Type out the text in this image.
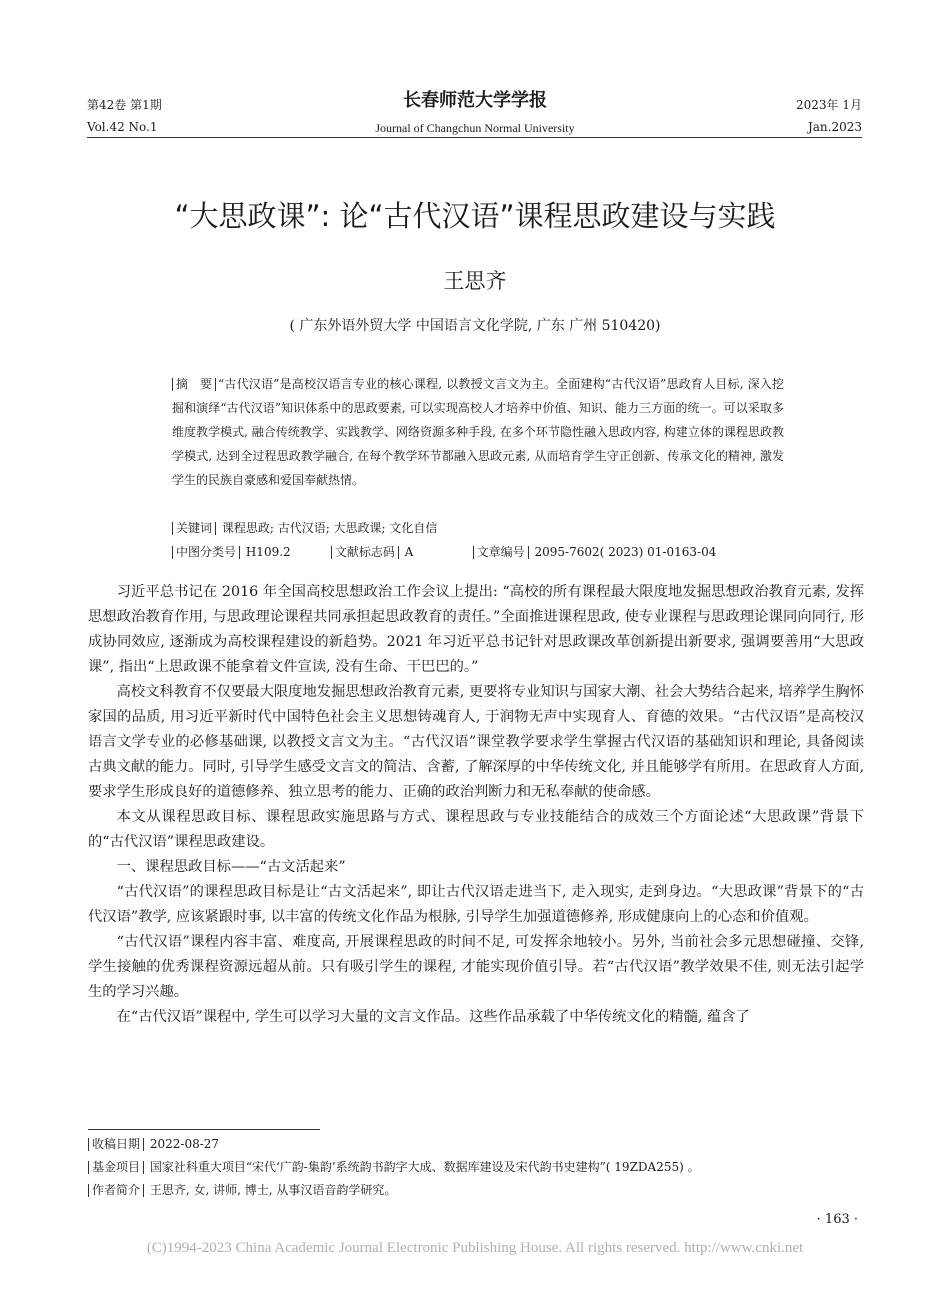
第42卷 第1期
Vol.42 No.1
长春师范大学学报
Journal of Changchun Normal University
2023年 1月
Jan.2023
“大思政课”: 论“古代汉语”课程思政建设与实践
王思齐
( 广东外语外贸大学 中国语言文化学院, 广东 广州 510420)
摘　要 “古代汉语”是高校汉语言专业的核心课程, 以教授文言文为主。全面建构“古代汉语”思政育人目标, 深入挖掘和演绎“古代汉语”知识体系中的思政要素, 可以实现高校人才培养中价值、知识、能力三方面的统一。可以采取多维度教学模式, 融合传统教学、实践教学、网络资源多种手段, 在多个环节隐性融入思政内容, 构建立体的课程思政教学模式, 达到全过程思政教学融合, 在每个教学环节都融入思政元素, 从而培育学生守正创新、传承文化的精神, 激发学生的民族自豪感和爱国奉献热情。
关键词 课程思政; 古代汉语; 大思政课; 文化自信
中图分类号 H109.2	文献标志码 A	文章编号 2095-7602( 2023) 01-0163-04

习近平总书记在 2016 年全国高校思想政治工作会议上提出: “高校的所有课程最大限度地发掘思想政治教育元素, 发挥思想政治教育作用, 与思政理论课程共同承担起思政教育的责任。”全面推进课程思政, 使专业课程与思政理论课同向同行, 形成协同效应, 逐渐成为高校课程建设的新趋势。2021 年习近平总书记针对思政课改革创新提出新要求, 强调要善用“大思政课”, 指出“上思政课不能拿着文件宣读, 没有生命、干巴巴的。”

高校文科教育不仅要最大限度地发掘思想政治教育元素, 更要将专业知识与国家大潮、社会大势结合起来, 培养学生胸怀家国的品质, 用习近平新时代中国特色社会主义思想铸魂育人, 于润物无声中实现育人、育德的效果。“古代汉语”是高校汉语言文学专业的必修基础课, 以教授文言文为主。“古代汉语”课堂教学要求学生掌握古代汉语的基础知识和理论, 具备阅读古典文献的能力。同时, 引导学生感受文言文的简洁、含蓄, 了解深厚的中华传统文化, 并且能够学有所用。在思政育人方面, 要求学生形成良好的道德修养、独立思考的能力、正确的政治判断力和无私奉献的使命感。

本文从课程思政目标、课程思政实施思路与方式、课程思政与专业技能结合的成效三个方面论述“大思政课”背景下的“古代汉语”课程思政建设。

一、课程思政目标——“古文活起来”

“古代汉语”的课程思政目标是让“古文活起来”, 即让古代汉语走进当下, 走入现实, 走到身边。“大思政课”背景下的“古代汉语”教学, 应该紧跟时事, 以丰富的传统文化作品为根脉, 引导学生加强道德修养, 形成健康向上的心态和价值观。

“古代汉语”课程内容丰富、难度高, 开展课程思政的时间不足, 可发挥余地较小。另外, 当前社会多元思想碰撞、交锋, 学生接触的优秀课程资源远超从前。只有吸引学生的课程, 才能实现价值引导。若“古代汉语”教学效果不佳, 则无法引起学生的学习兴趣。

在“古代汉语”课程中, 学生可以学习大量的文言文作品。这些作品承载了中华传统文化的精髓, 蕴含了

收稿日期 2022-08-27
基金项目 国家社科重大项目“宋代‘广韵-集韵’系统韵书韵字大成、数据库建设及宋代韵书史建构”( 19ZDA255) 。
作者简介 王思齐, 女, 讲师, 博士, 从事汉语音韵学研究。
· 163 ·
(C)1994-2023 China Academic Journal Electronic Publishing House. All rights reserved. http://www.cnki.net
